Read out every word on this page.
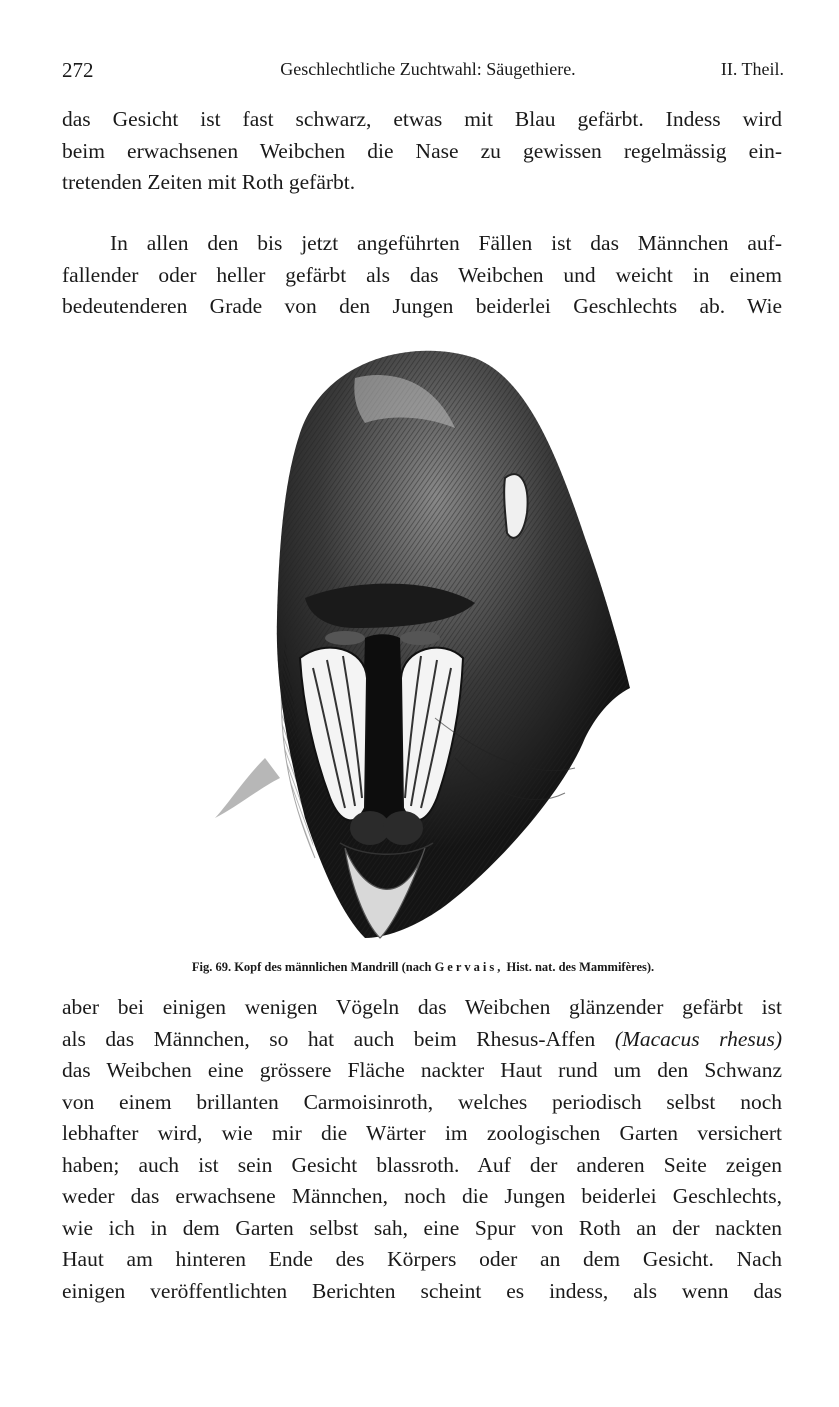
272	Geschlechtliche Zuchtwahl: Säugethiere.	II. Theil.
das Gesicht ist fast schwarz, etwas mit Blau gefärbt. Indess wird
beim erwachsenen Weibchen die Nase zu gewissen regelmässig ein-
tretenden Zeiten mit Roth gefärbt.
In allen den bis jetzt angeführten Fällen ist das Männchen auf-
fallender oder heller gefärbt als das Weibchen und weicht in einem
bedeutenderen Grade von den Jungen beiderlei Geschlechts ab. Wie
Fig. 69. Kopf des männlichen Mandrill (nach Gervais, Hist. nat. des Mammifères).
aber bei einigen wenigen Vögeln das Weibchen glänzender gefärbt ist
als das Männchen, so hat auch beim Rhesus-Affen (Macacus rhesus)
das Weibchen eine grössere Fläche nackter Haut rund um den Schwanz
von einem brillanten Carmoisinroth, welches periodisch selbst noch
lebhafter wird, wie mir die Wärter im zoologischen Garten versichert
haben; auch ist sein Gesicht blassroth. Auf der anderen Seite zeigen
weder das erwachsene Männchen, noch die Jungen beiderlei Geschlechts,
wie ich in dem Garten selbst sah, eine Spur von Roth an der nackten
Haut am hinteren Ende des Körpers oder an dem Gesicht. Nach
einigen veröffentlichten Berichten scheint es indess, als wenn das
